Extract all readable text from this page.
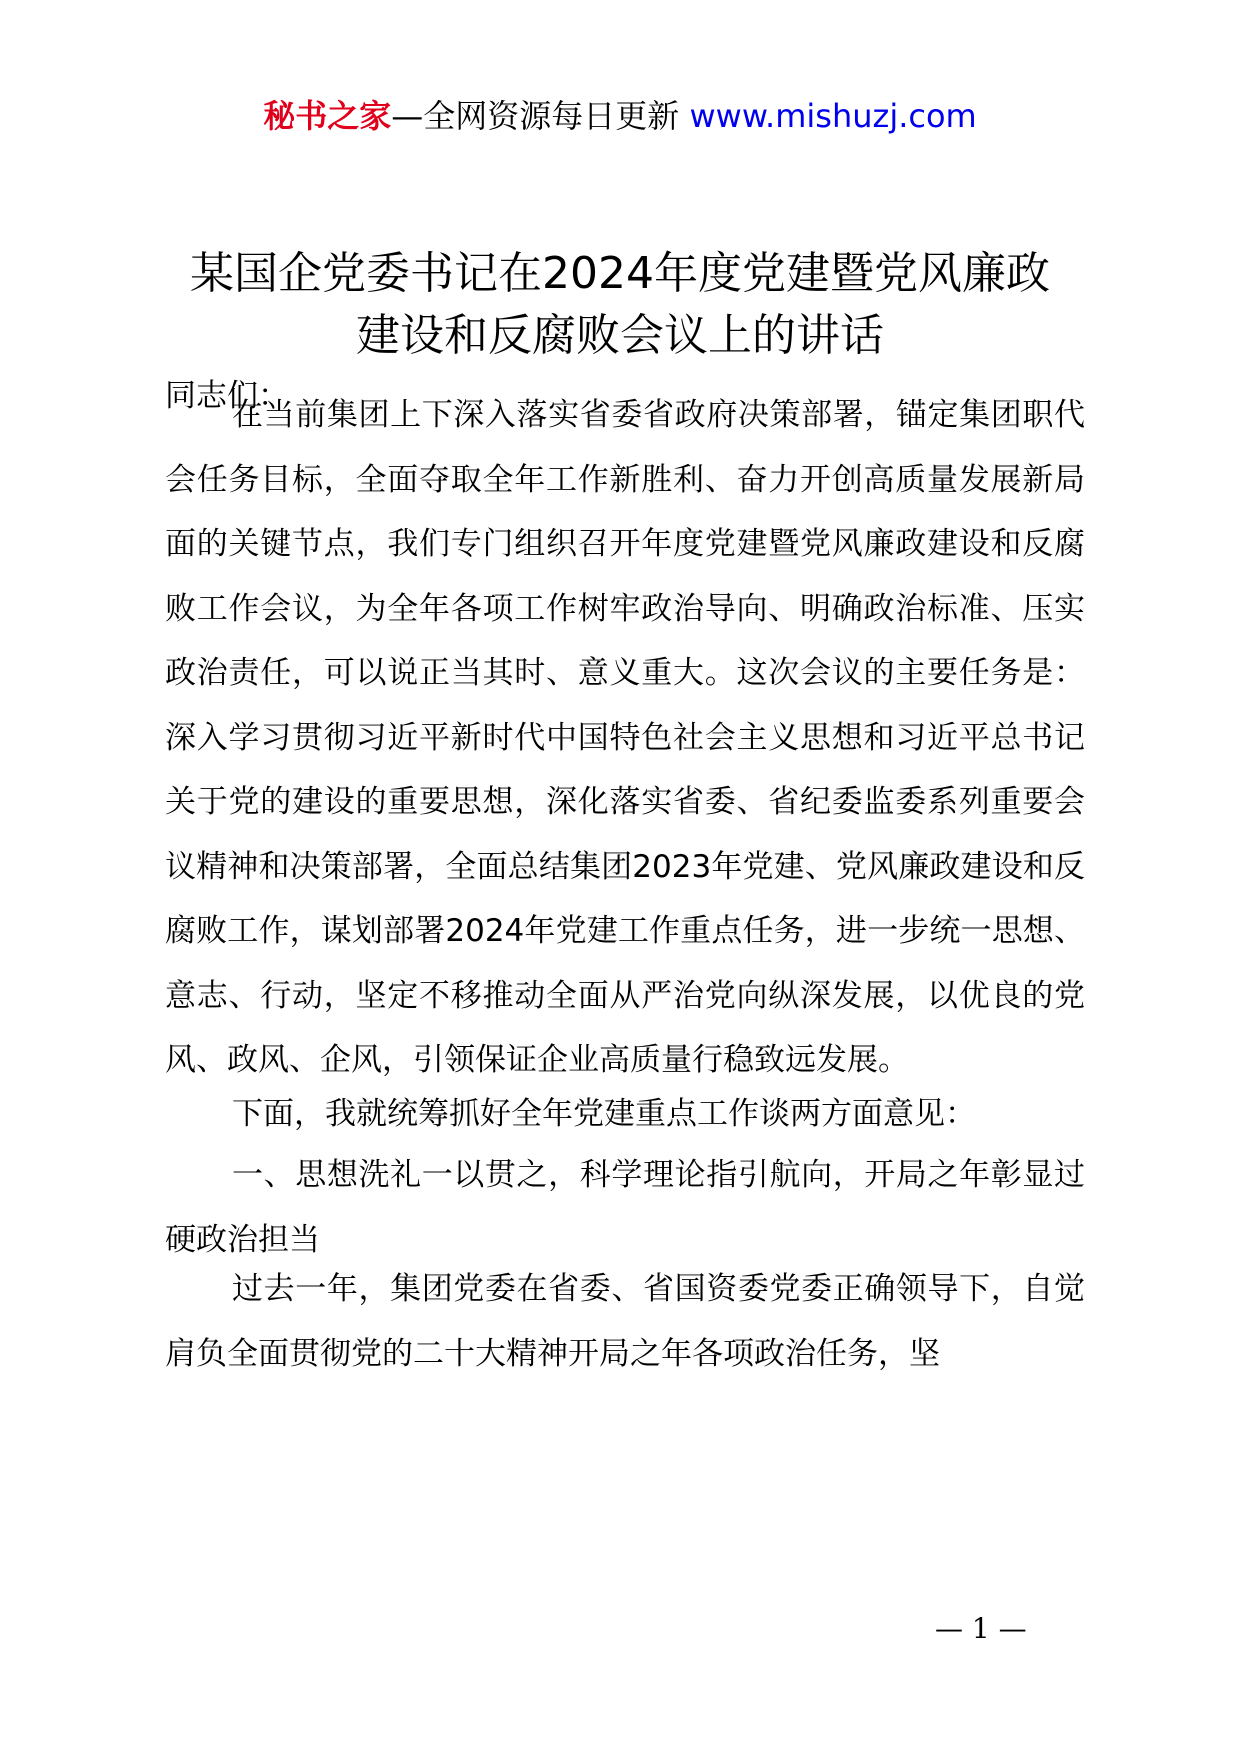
秘书之家—全网资源每日更新 www.mishuzj.com
某国企党委书记在2024年度党建暨党风廉政
建设和反腐败会议上的讲话

同志们：

在当前集团上下深入落实省委省政府决策部署，锚定集团职代会任务目标，全面夺取全年工作新胜利、奋力开创高质量发展新局面的关键节点，我们专门组织召开年度党建暨党风廉政建设和反腐败工作会议，为全年各项工作树牢政治导向、明确政治标准、压实政治责任，可以说正当其时、意义重大。这次会议的主要任务是：深入学习贯彻习近平新时代中国特色社会主义思想和习近平总书记关于党的建设的重要思想，深化落实省委、省纪委监委系列重要会议精神和决策部署，全面总结集团2023年党建、党风廉政建设和反腐败工作，谋划部署2024年党建工作重点任务，进一步统一思想、意志、行动，坚定不移推动全面从严治党向纵深发展，以优良的党风、政风、企风，引领保证企业高质量行稳致远发展。

下面，我就统筹抓好全年党建重点工作谈两方面意见：

一、思想洗礼一以贯之，科学理论指引航向，开局之年彰显过硬政治担当

过去一年，集团党委在省委、省国资委党委正确领导下，自觉肩负全面贯彻党的二十大精神开局之年各项政治任务，坚

— 1 —
